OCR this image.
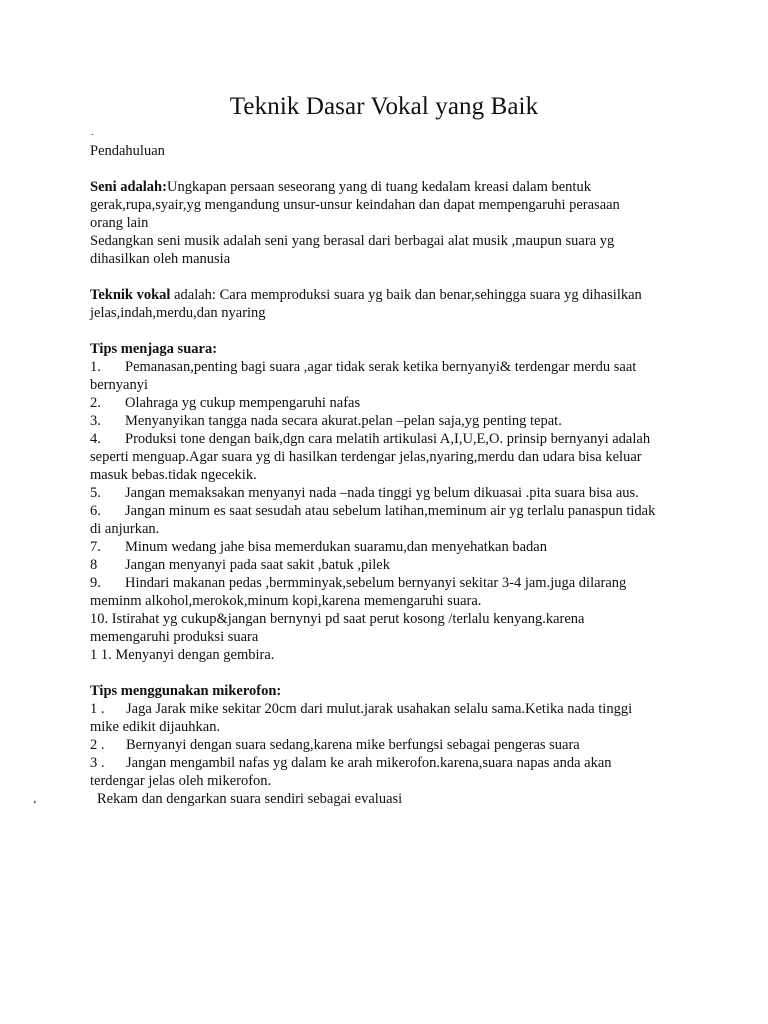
Teknik Dasar Vokal yang Baik
.
Pendahuluan
Seni adalah:Ungkapan persaan seseorang yang di tuang kedalam kreasi dalam bentuk
gerak,rupa,syair,yg mengandung unsur-unsur keindahan dan dapat mempengaruhi perasaan
orang lain
Sedangkan seni musik adalah seni yang berasal dari berbagai alat musik ,maupun suara yg
dihasilkan oleh manusia
Teknik vokal adalah: Cara memproduksi suara yg baik dan benar,sehingga suara yg dihasilkan
jelas,indah,merdu,dan nyaring
Tips menjaga suara:
1. Pemanasan,penting bagi suara ,agar tidak serak ketika bernyanyi& terdengar merdu saat
bernyanyi
2. Olahraga yg cukup mempengaruhi nafas
3. Menyanyikan tangga nada secara akurat.pelan –pelan saja,yg penting tepat.
4. Produksi tone dengan baik,dgn cara melatih artikulasi A,I,U,E,O. prinsip bernyanyi adalah
seperti menguap.Agar suara yg di hasilkan terdengar jelas,nyaring,merdu dan udara bisa keluar
masuk bebas.tidak ngecekik.
5. Jangan memaksakan menyanyi nada –nada tinggi yg belum dikuasai .pita suara bisa aus.
6. Jangan minum es saat sesudah atau sebelum latihan,meminum air yg terlalu panaspun tidak
di anjurkan.
7. Minum wedang jahe bisa memerdukan suaramu,dan menyehatkan badan
8 Jangan menyanyi pada saat sakit ,batuk ,pilek
9. Hindari makanan pedas ,bermminyak,sebelum bernyanyi sekitar 3-4 jam.juga dilarang
meminm alkohol,merokok,minum kopi,karena memengaruhi suara.
10. Istirahat yg cukup&jangan bernynyi pd saat perut kosong /terlalu kenyang.karena
memengaruhi produksi suara
1 1. Menyanyi dengan gembira.
Tips menggunakan mikerofon:
1 . Jaga Jarak mike sekitar 20cm dari mulut.jarak usahakan selalu sama.Ketika nada tinggi
mike edikit dijauhkan.
2 . Bernyanyi dengan suara sedang,karena mike berfungsi sebagai pengeras suara
3 . Jangan mengambil nafas yg dalam ke arah mikerofon.karena,suara napas anda akan
terdengar jelas oleh mikerofon.
.	Rekam dan dengarkan suara sendiri sebagai evaluasi
